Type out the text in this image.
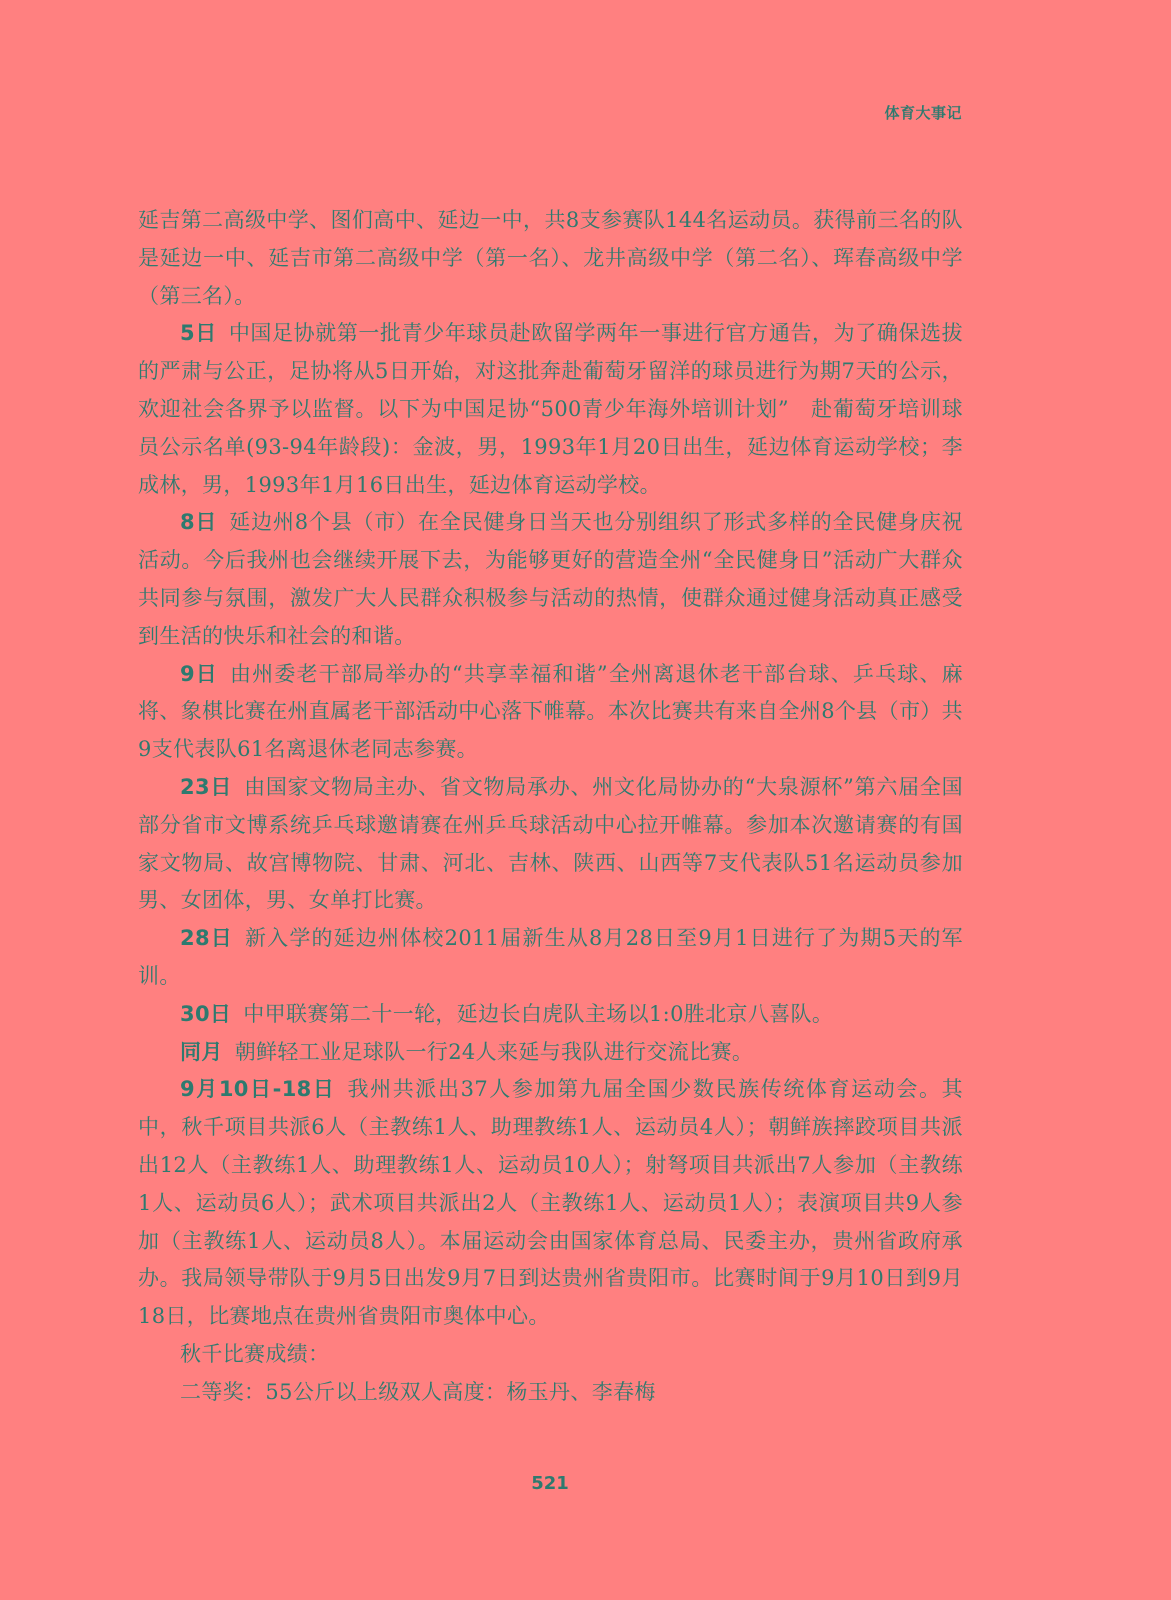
体育大事记

延吉第二高级中学、图们高中、延边一中，共8支参赛队144名运动员。获得前三名的队是延边一中、延吉市第二高级中学（第一名）、龙井高级中学（第二名）、珲春高级中学（第三名）。

5日 中国足协就第一批青少年球员赴欧留学两年一事进行官方通告，为了确保选拔的严肃与公正，足协将从5日开始，对这批奔赴葡萄牙留洋的球员进行为期7天的公示，欢迎社会各界予以监督。以下为中国足协“500青少年海外培训计划”　赴葡萄牙培训球员公示名单(93-94年龄段)：金波，男，1993年1月20日出生，延边体育运动学校；李成林，男，1993年1月16日出生，延边体育运动学校。

8日 延边州8个县（市）在全民健身日当天也分别组织了形式多样的全民健身庆祝活动。今后我州也会继续开展下去，为能够更好的营造全州“全民健身日”活动广大群众共同参与氛围，激发广大人民群众积极参与活动的热情，使群众通过健身活动真正感受到生活的快乐和社会的和谐。

9日 由州委老干部局举办的“共享幸福和谐”全州离退休老干部台球、乒乓球、麻将、象棋比赛在州直属老干部活动中心落下帷幕。本次比赛共有来自全州8个县（市）共9支代表队61名离退休老同志参赛。

23日 由国家文物局主办、省文物局承办、州文化局协办的“大泉源杯”第六届全国部分省市文博系统乒乓球邀请赛在州乒乓球活动中心拉开帷幕。参加本次邀请赛的有国家文物局、故宫博物院、甘肃、河北、吉林、陕西、山西等7支代表队51名运动员参加男、女团体，男、女单打比赛。

28日 新入学的延边州体校2011届新生从8月28日至9月1日进行了为期5天的军训。

30日 中甲联赛第二十一轮，延边长白虎队主场以1:0胜北京八喜队。

同月 朝鲜轻工业足球队一行24人来延与我队进行交流比赛。

9月10日-18日 我州共派出37人参加第九届全国少数民族传统体育运动会。其中，秋千项目共派6人（主教练1人、助理教练1人、运动员4人）；朝鲜族摔跤项目共派出12人（主教练1人、助理教练1人、运动员10人）；射弩项目共派出7人参加（主教练1人、运动员6人）；武术项目共派出2人（主教练1人、运动员1人）；表演项目共9人参加（主教练1人、运动员8人）。本届运动会由国家体育总局、民委主办，贵州省政府承办。我局领导带队于9月5日出发9月7日到达贵州省贵阳市。比赛时间于9月10日到9月18日，比赛地点在贵州省贵阳市奥体中心。

秋千比赛成绩：

二等奖：55公斤以上级双人高度：杨玉丹、李春梅

521
